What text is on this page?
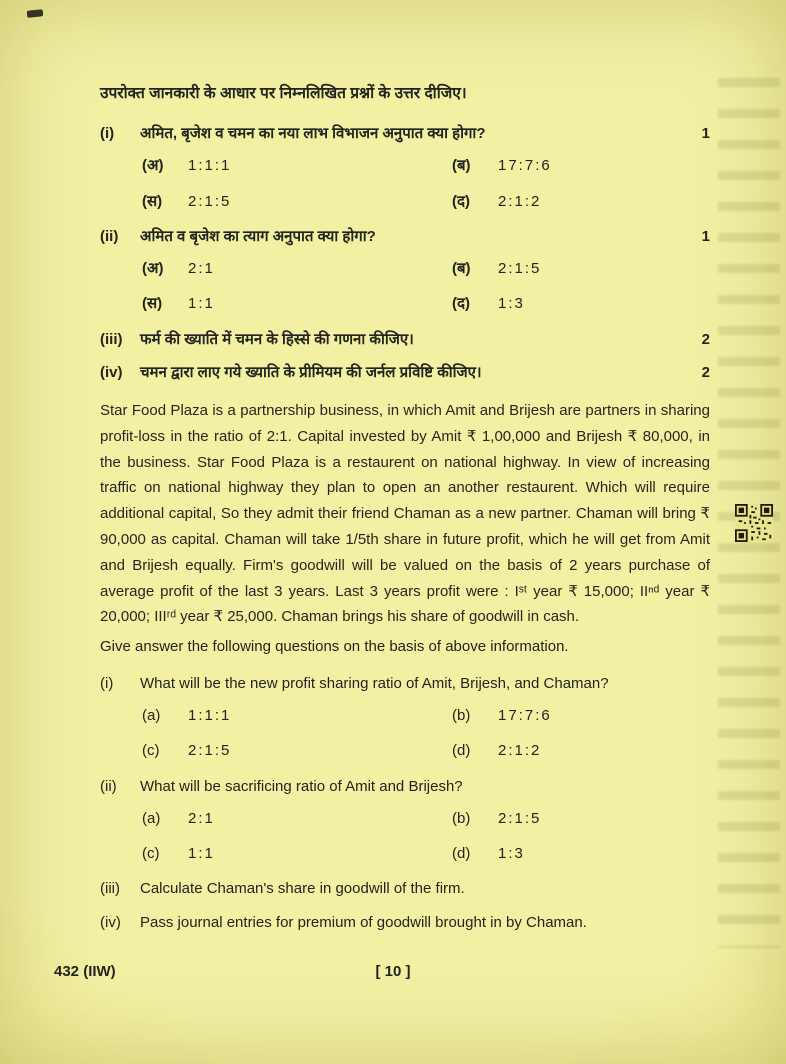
उपरोक्त जानकारी के आधार पर निम्नलिखित प्रश्नों के उत्तर दीजिए।
(i)	अमित, बृजेश व चमन का नया लाभ विभाजन अनुपात क्या होगा?	1
(अ)	1:1:1	(ब)	17:7:6
(स)	2:1:5	(द)	2:1:2
(ii)	अमित व बृजेश का त्याग अनुपात क्या होगा?	1
(अ)	2:1	(ब)	2:1:5
(स)	1:1	(द)	1:3
(iii)	फर्म की ख्याति में चमन के हिस्से की गणना कीजिए।	2
(iv)	चमन द्वारा लाए गये ख्याति के प्रीमियम की जर्नल प्रविष्टि कीजिए।	2
Star Food Plaza is a partnership business, in which Amit and Brijesh are partners in sharing profit-loss in the ratio of 2:1. Capital invested by Amit ₹ 1,00,000 and Brijesh ₹ 80,000, in the business. Star Food Plaza is a restaurent on national highway. In view of increasing traffic on national highway they plan to open an another restaurent. Which will require additional capital, So they admit their friend Chaman as a new partner. Chaman will bring ₹ 90,000 as capital. Chaman will take 1/5th share in future profit, which he will get from Amit and Brijesh equally. Firm's goodwill will be valued on the basis of 2 years purchase of average profit of the last 3 years. Last 3 years profit were : Iˢᵗ year ₹ 15,000; IIⁿᵈ year ₹ 20,000; IIIʳᵈ year ₹ 25,000. Chaman brings his share of goodwill in cash.
Give answer the following questions on the basis of above information.
(i)	What will be the new profit sharing ratio of Amit, Brijesh, and Chaman?
(a)	1:1:1	(b)	17:7:6
(c)	2:1:5	(d)	2:1:2
(ii)	What will be sacrificing ratio of Amit and Brijesh?
(a)	2:1	(b)	2:1:5
(c)	1:1	(d)	1:3
(iii)	Calculate Chaman's share in goodwill of the firm.
(iv)	Pass journal entries for premium of goodwill brought in by Chaman.
432 (IIW)	[ 10 ]
